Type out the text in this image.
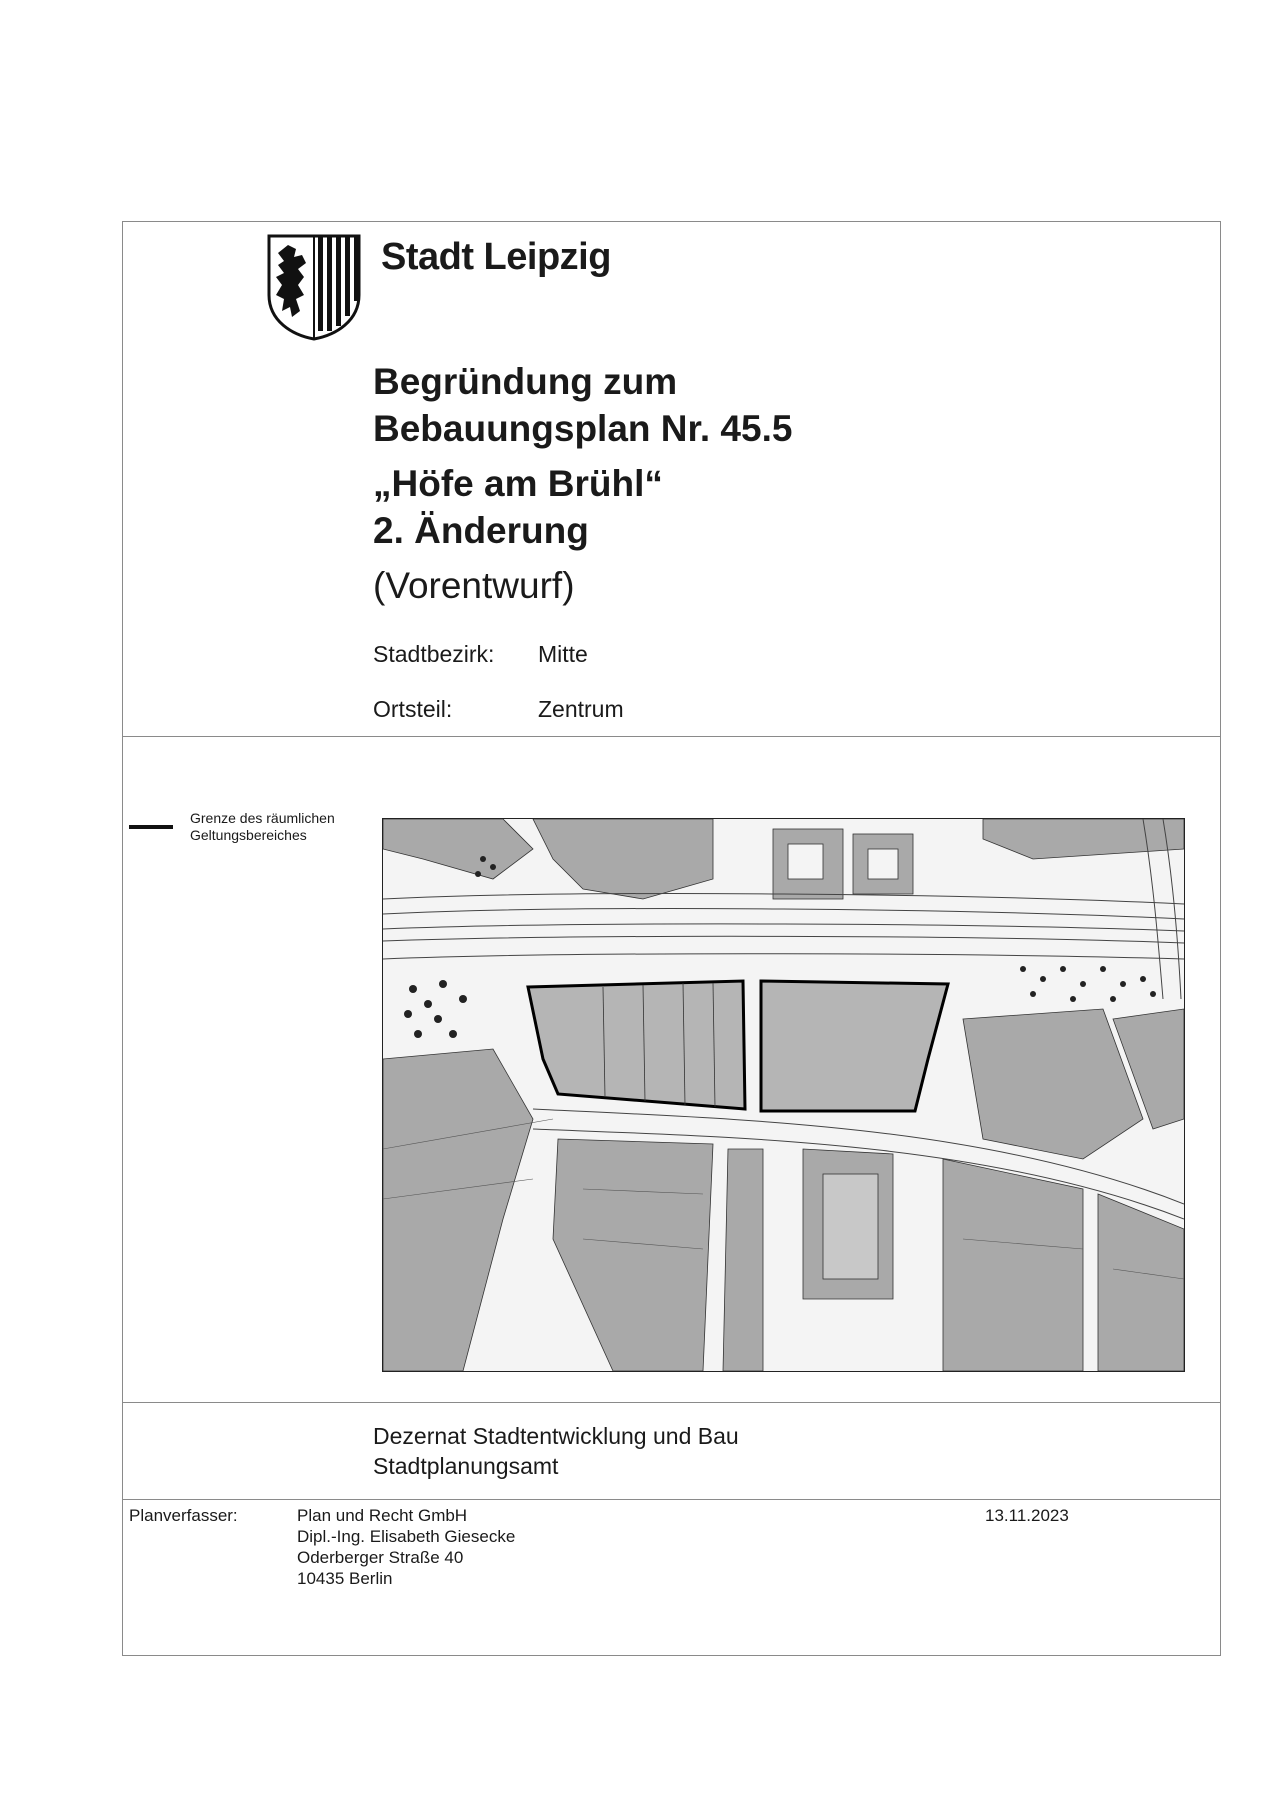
Stadt Leipzig
Begründung zum
Bebauungsplan Nr. 45.5
„Höfe am Brühl“
2. Änderung
(Vorentwurf)
Stadtbezirk: Mitte
Ortsteil:	Zentrum
Grenze des räumlichen
Geltungsbereiches
Dezernat Stadtentwicklung und Bau
Stadtplanungsamt
Planverfasser:	Plan und Recht GmbH
Dipl.-Ing. Elisabeth Giesecke
Oderberger Straße 40
10435 Berlin
13.11.2023
